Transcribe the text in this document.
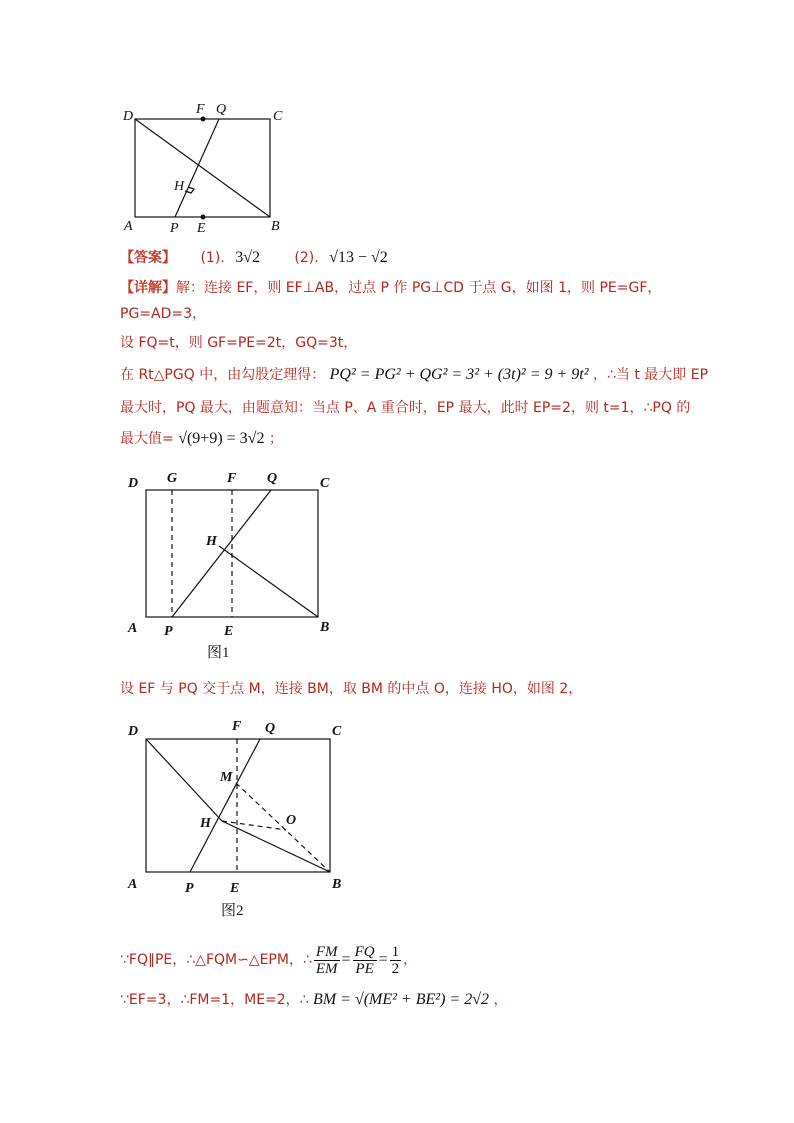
D	F Q	C
H
A	P E	B
【答案】 (1). 3√2 (2). √13 − √2
【详解】解：连接 EF，则 EF⊥AB，过点 P 作 PG⊥CD 于点 G，如图 1，则 PE=GF，
PG=AD=3，
设 FQ=t，则 GF=PE=2t，GQ=3t，
在 Rt△PGQ 中，由勾股定理得： PQ² = PG² + QG² = 3² + (3t)² = 9 + 9t² ，∴当 t 最大即 EP
最大时，PQ 最大，由题意知：当点 P、A 重合时，EP 最大，此时 EP=2，则 t=1，∴PQ 的
最大值= √(9+9) = 3√2 ；
D G	F Q	C
H
A P	E	B
图1
设 EF 与 PQ 交于点 M，连接 BM，取 BM 的中点 O，连接 HO，如图 2，
D	F Q	C
M
O
H
A	P	E	B
图2
∵FQ∥PE，∴△FQM∽△EPM，∴ $\frac{FM}{EM} = \frac{FQ}{PE} = \frac{1}{2}$ ，
∵EF=3，∴FM=1，ME=2，∴ BM = √(ME² + BE²) = 2√2 ，
